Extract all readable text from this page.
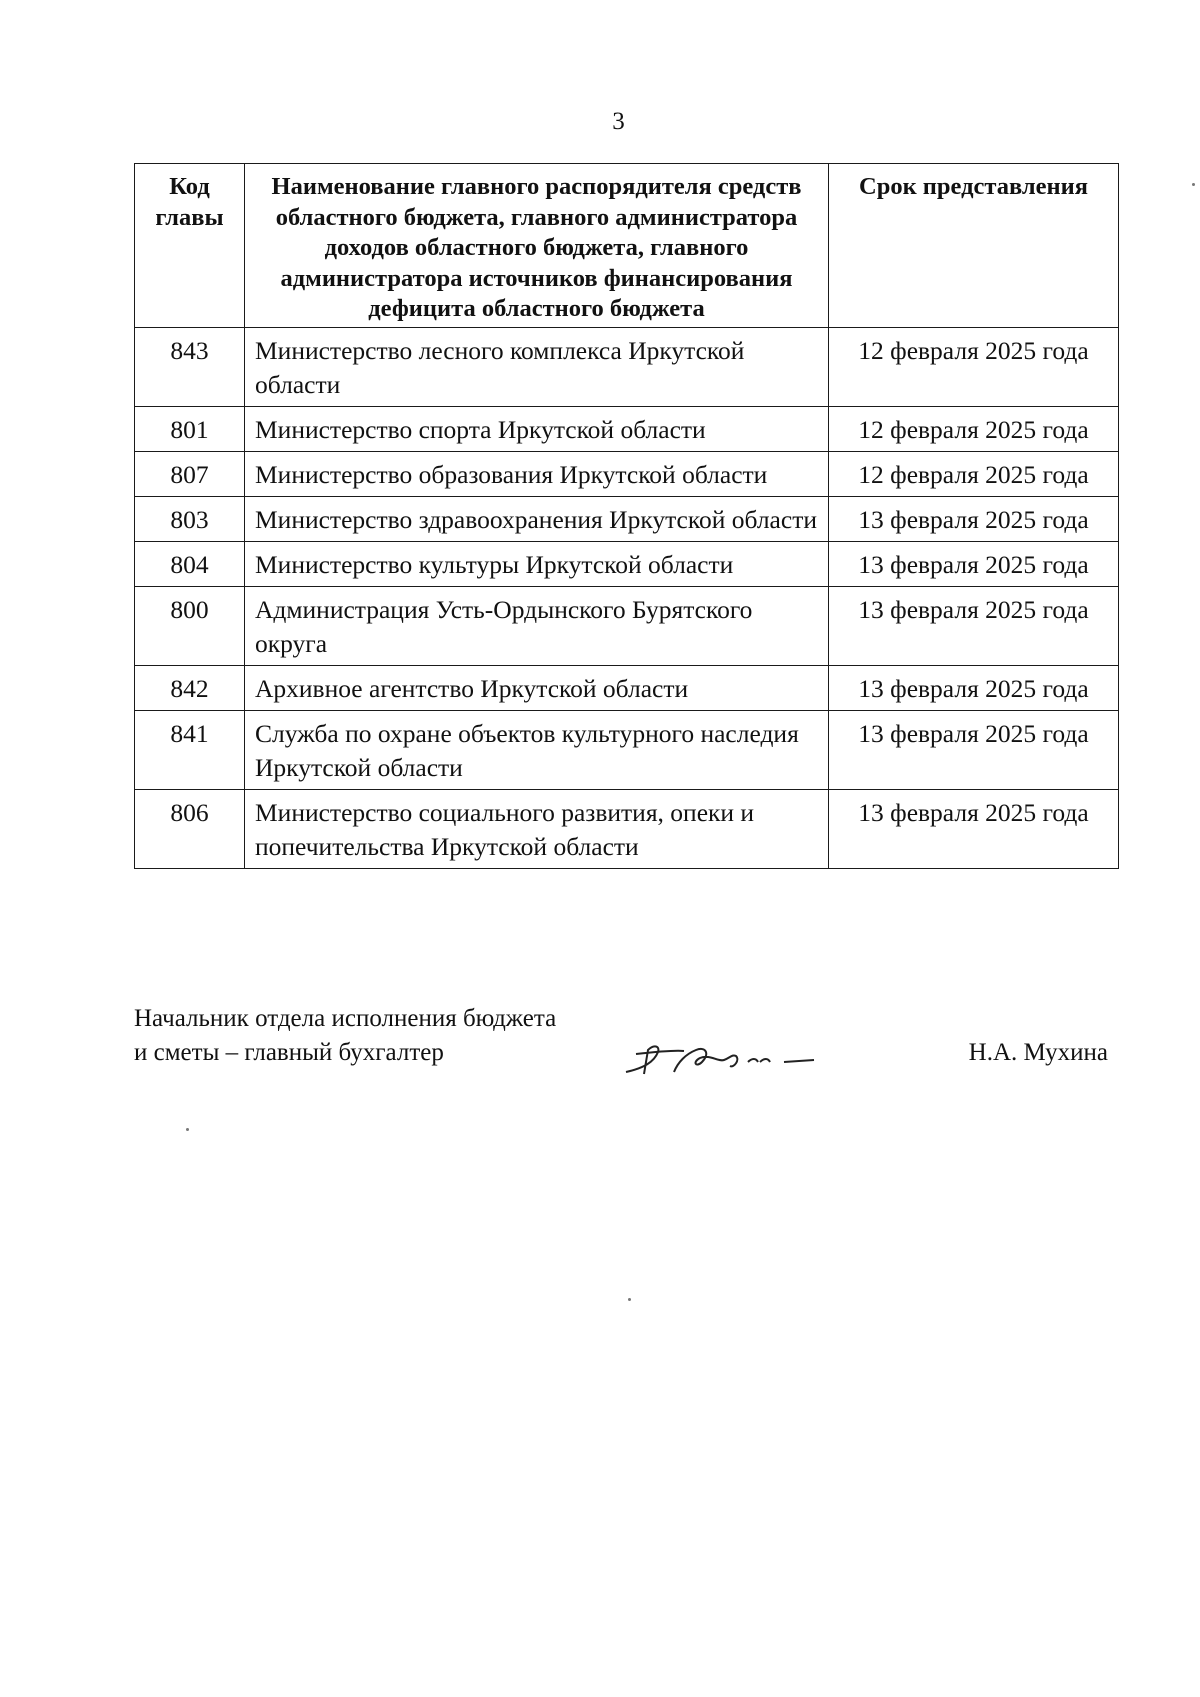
3
Код главы	Наименование главного распорядителя средств областного бюджета, главного администратора доходов областного бюджета, главного администратора источников финансирования дефицита областного бюджета	Срок представления
843	Министерство лесного комплекса Иркутской области	12 февраля 2025 года
801	Министерство спорта Иркутской области	12 февраля 2025 года
807	Министерство образования Иркутской области	12 февраля 2025 года
803	Министерство здравоохранения Иркутской области	13 февраля 2025 года
804	Министерство культуры Иркутской области	13 февраля 2025 года
800	Администрация Усть-Ордынского Бурятского округа	13 февраля 2025 года
842	Архивное агентство Иркутской области	13 февраля 2025 года
841	Служба по охране объектов культурного наследия Иркутской области	13 февраля 2025 года
806	Министерство социального развития, опеки и попечительства Иркутской области	13 февраля 2025 года
Начальник отдела исполнения бюджета
и сметы – главный бухгалтер	Н.А. Мухина
